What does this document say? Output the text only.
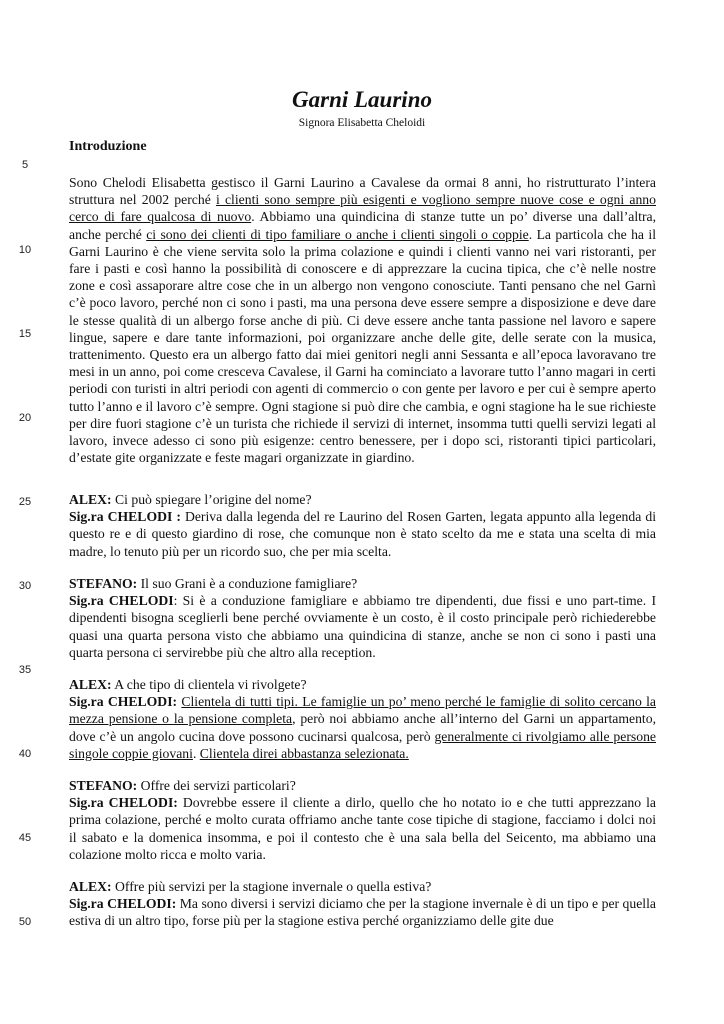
Garni Laurino
Signora Elisabetta Cheloidi
Introduzione
5
10
15
20
25
30
35
40
45
50

Sono Chelodi Elisabetta gestisco il Garni Laurino a Cavalese da ormai 8 anni, ho ristrutturato l’intera struttura nel 2002 perché i clienti sono sempre più esigenti e vogliono sempre nuove cose e ogni anno cerco di fare qualcosa di nuovo. Abbiamo una quindicina di stanze tutte un po’ diverse una dall’altra, anche perché ci sono dei clienti di tipo familiare o anche i clienti singoli o coppie. La particola che ha il Garni Laurino è che viene servita solo la prima colazione e quindi i clienti vanno nei vari ristoranti, per fare i pasti e così hanno la possibilità di conoscere e di apprezzare la cucina tipica, che c’è nelle nostre zone e così assaporare altre cose che in un albergo non vengono conosciute. Tanti pensano che nel Garnì c’è poco lavoro, perché non ci sono i pasti, ma una persona deve essere sempre a disposizione e deve dare le stesse qualità di un albergo forse anche di più. Ci deve essere anche tanta passione nel lavoro e sapere lingue, sapere e dare tante informazioni, poi organizzare anche delle gite, delle serate con la musica, trattenimento. Questo era un albergo fatto dai miei genitori negli anni Sessanta e all’epoca lavoravano tre mesi in un anno, poi come cresceva Cavalese, il Garni ha cominciato a lavorare tutto l’anno magari in certi periodi con turisti in altri periodi con agenti di commercio o con gente per lavoro e per cui è sempre aperto tutto l’anno e il lavoro c’è sempre. Ogni stagione si può dire che cambia, e ogni stagione ha le sue richieste per dire fuori stagione c’è un turista che richiede il servizi di internet, insomma tutti quelli servizi legati al lavoro, invece adesso ci sono più esigenze: centro benessere, per i dopo sci, ristoranti tipici particolari, d’estate gite organizzate e feste magari organizzate in giardino.

ALEX: Ci può spiegare l’origine del nome?
Sig.ra CHELODI : Deriva dalla legenda del re Laurino del Rosen Garten, legata appunto alla legenda di questo re e di questo giardino di rose, che comunque non è stato scelto da me e stata una scelta di mia madre, lo tenuto più per un ricordo suo, che per mia scelta.

STEFANO: Il suo Grani è a conduzione famigliare?
Sig.ra CHELODI: Si è a conduzione famigliare e abbiamo tre dipendenti, due fissi e uno part-time. I dipendenti bisogna sceglierli bene perché ovviamente è un costo, è il costo principale però richiederebbe quasi una quarta persona visto che abbiamo una quindicina di stanze, anche se non ci sono i pasti una quarta persona ci servirebbe più che altro alla reception.

ALEX: A che tipo di clientela vi rivolgete?
Sig.ra CHELODI: Clientela di tutti tipi. Le famiglie un po’ meno perché le famiglie di solito cercano la mezza pensione o la pensione completa, però noi abbiamo anche all’interno del Garni un appartamento, dove c’è un angolo cucina dove possono cucinarsi qualcosa, però generalmente ci rivolgiamo alle persone singole coppie giovani. Clientela direi abbastanza selezionata.

STEFANO: Offre dei servizi particolari?
Sig.ra CHELODI: Dovrebbe essere il cliente a dirlo, quello che ho notato io e che tutti apprezzano la prima colazione, perché e molto curata offriamo anche tante cose tipiche di stagione, facciamo i dolci noi il sabato e la domenica insomma, e poi il contesto che è una sala bella del Seicento, ma abbiamo una colazione molto ricca e molto varia.

ALEX: Offre più servizi per la stagione invernale o quella estiva?
Sig.ra CHELODI: Ma sono diversi i servizi diciamo che per la stagione invernale è di un tipo e per quella estiva di un altro tipo, forse più per la stagione estiva perché organizziamo delle gite due
